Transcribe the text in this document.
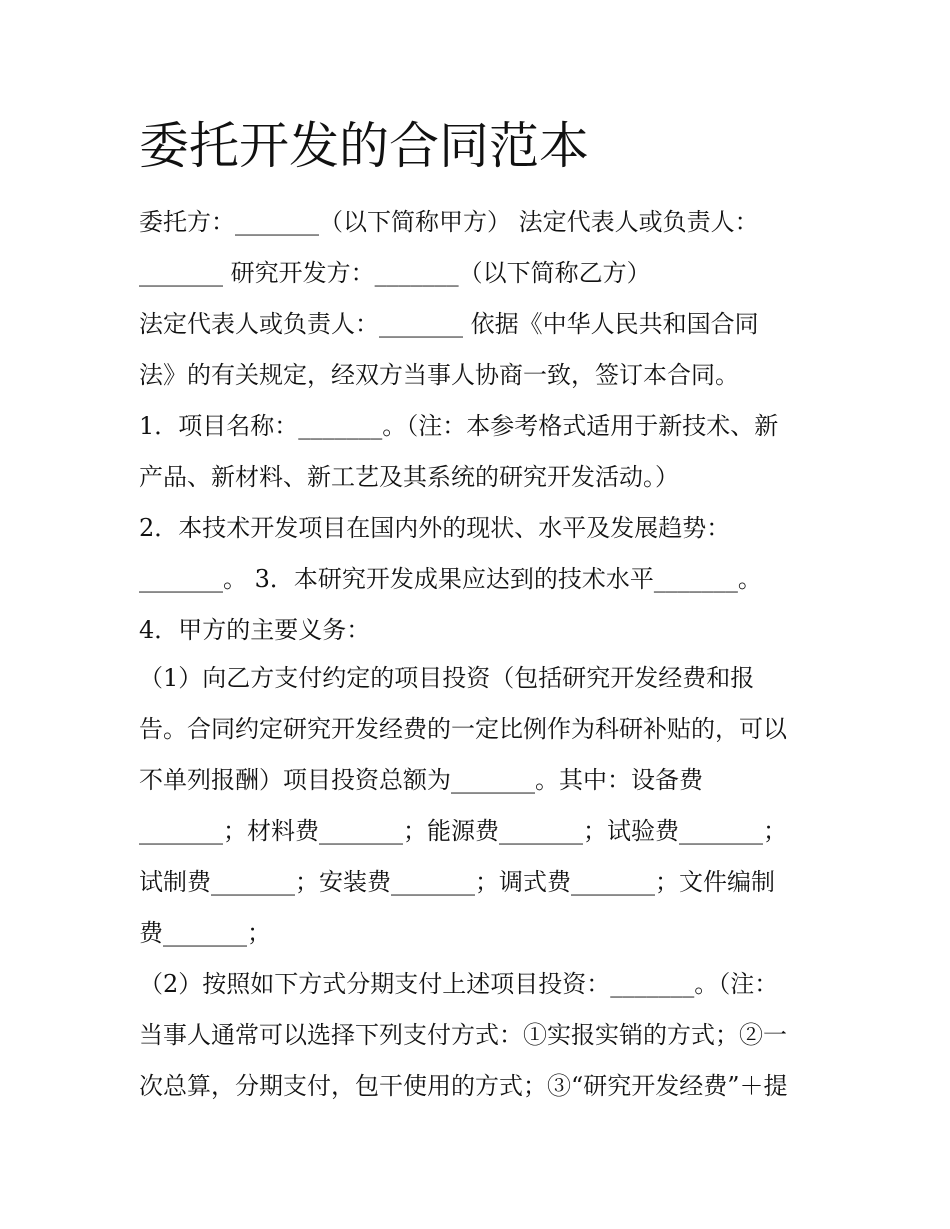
委托开发的合同范本
委托方：_______（以下简称甲方） 法定代表人或负责人：
_______ 研究开发方：_______（以下简称乙方）
法定代表人或负责人：_______ 依据《中华人民共和国合同
法》的有关规定，经双方当事人协商一致，签订本合同。
1．项目名称：_______。（注：本参考格式适用于新技术、新
产品、新材料、新工艺及其系统的研究开发活动。）
2．本技术开发项目在国内外的现状、水平及发展趋势：
_______。 3．本研究开发成果应达到的技术水平_______。
4．甲方的主要义务：
（1）向乙方支付约定的项目投资（包括研究开发经费和报
告。合同约定研究开发经费的一定比例作为科研补贴的，可以
不单列报酬）项目投资总额为_______。其中：设备费
_______；材料费_______；能源费_______；试验费_______；
试制费_______；安装费_______；调式费_______；文件编制
费_______；
（2）按照如下方式分期支付上述项目投资：_______。（注：
当事人通常可以选择下列支付方式：①实报实销的方式；②一
次总算，分期支付，包干使用的方式；③“研究开发经费”＋提
